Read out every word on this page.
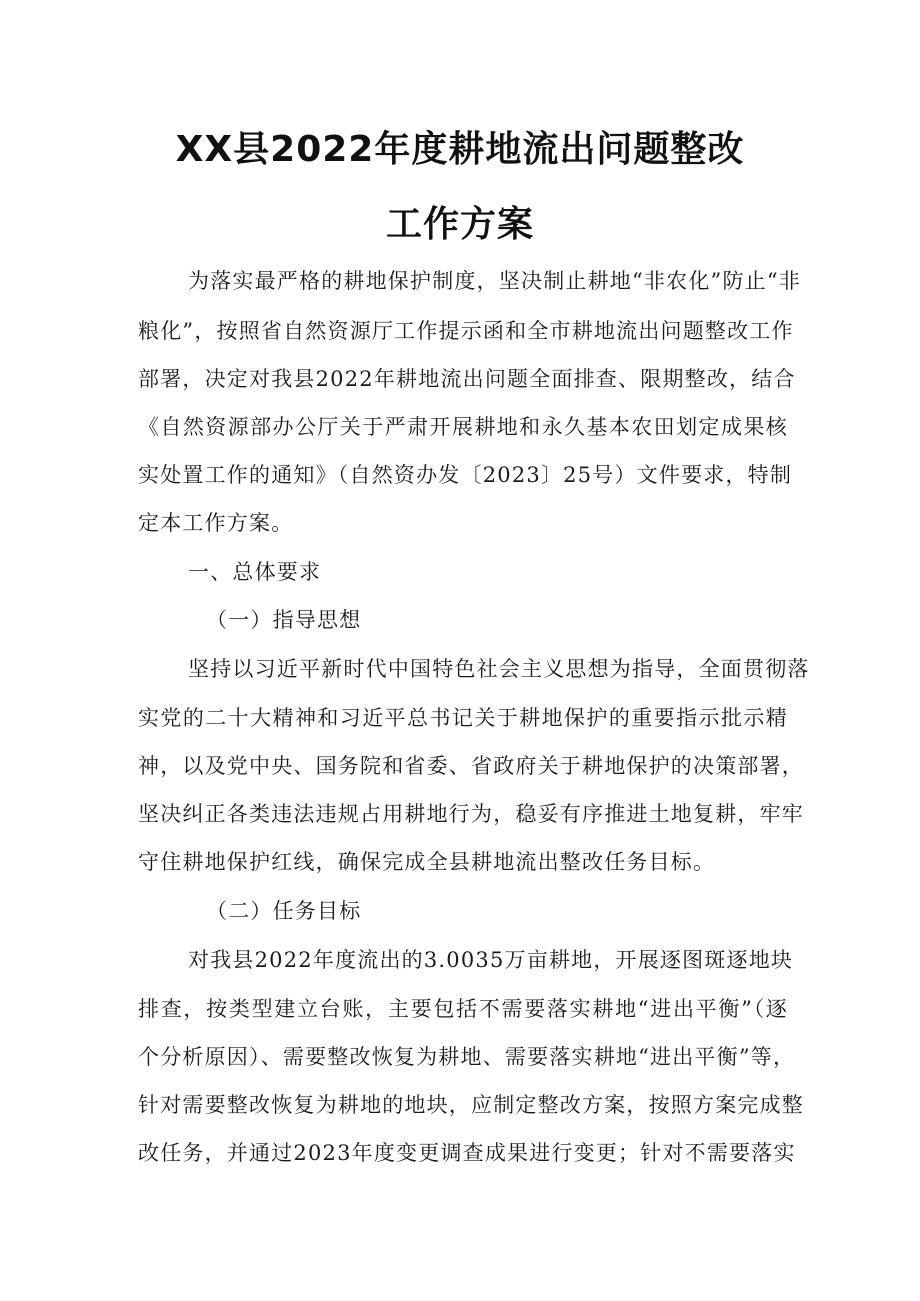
XX县2022年度耕地流出问题整改
工作方案
为落实最严格的耕地保护制度，坚决制止耕地“非农化”防止“非
粮化”，按照省自然资源厅工作提示函和全市耕地流出问题整改工作
部署，决定对我县2022年耕地流出问题全面排查、限期整改，结合
《自然资源部办公厅关于严肃开展耕地和永久基本农田划定成果核
实处置工作的通知》（自然资办发〔2023〕25号）文件要求，特制
定本工作方案。
一、总体要求
（一）指导思想
坚持以习近平新时代中国特色社会主义思想为指导，全面贯彻落
实党的二十大精神和习近平总书记关于耕地保护的重要指示批示精
神，以及党中央、国务院和省委、省政府关于耕地保护的决策部署，
坚决纠正各类违法违规占用耕地行为，稳妥有序推进土地复耕，牢牢
守住耕地保护红线，确保完成全县耕地流出整改任务目标。
（二）任务目标
对我县2022年度流出的3.0035万亩耕地，开展逐图斑逐地块
排查，按类型建立台账，主要包括不需要落实耕地“进出平衡”（逐
个分析原因）、需要整改恢复为耕地、需要落实耕地“进出平衡”等，
针对需要整改恢复为耕地的地块，应制定整改方案，按照方案完成整
改任务，并通过2023年度变更调查成果进行变更；针对不需要落实
